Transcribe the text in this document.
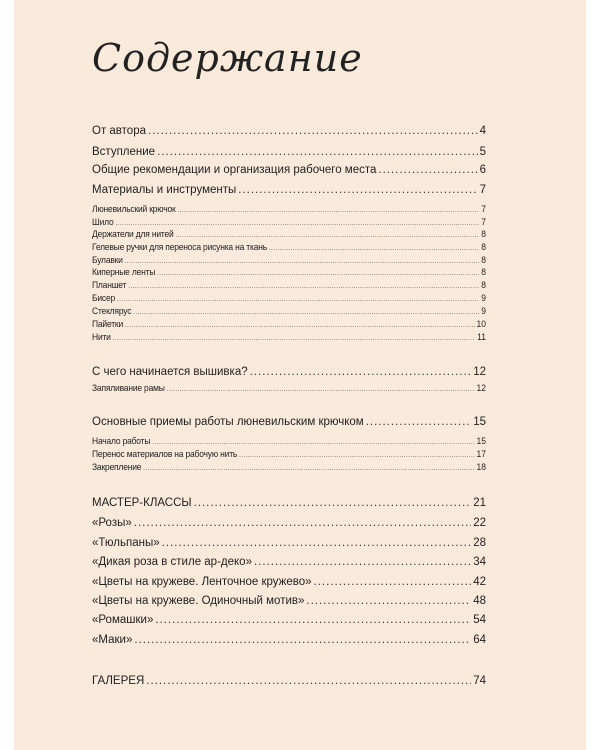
Содержание
От автора .....	4
Вступление .....	5
Общие рекомендации и организация рабочего места .....	6
Материалы и инструменты .....	7
Люневильский крючок .....	7
Шило .....	7
Держатели для нитей .....	8
Гелевые ручки для переноса рисунка на ткань .....	8
Булавки .....	8
Киперные ленты .....	8
Планшет .....	8
Бисер .....	9
Стеклярус .....	9
Пайетки .....	10
Нити .....	11
С чего начинается вышивка? .....	12
Запяливание рамы .....	12
Основные приемы работы люневильским крючком .....	15
Начало работы .....	15
Перенос материалов на рабочую нить .....	17
Закрепление .....	18
МАСТЕР-КЛАССЫ .....	21
«Розы» .....	22
«Тюльпаны» .....	28
«Дикая роза в стиле ар-деко» .....	34
«Цветы на кружеве. Ленточное кружево» .....	42
«Цветы на кружеве. Одиночный мотив» .....	48
«Ромашки» .....	54
«Маки» .....	64
ГАЛЕРЕЯ .....	74
